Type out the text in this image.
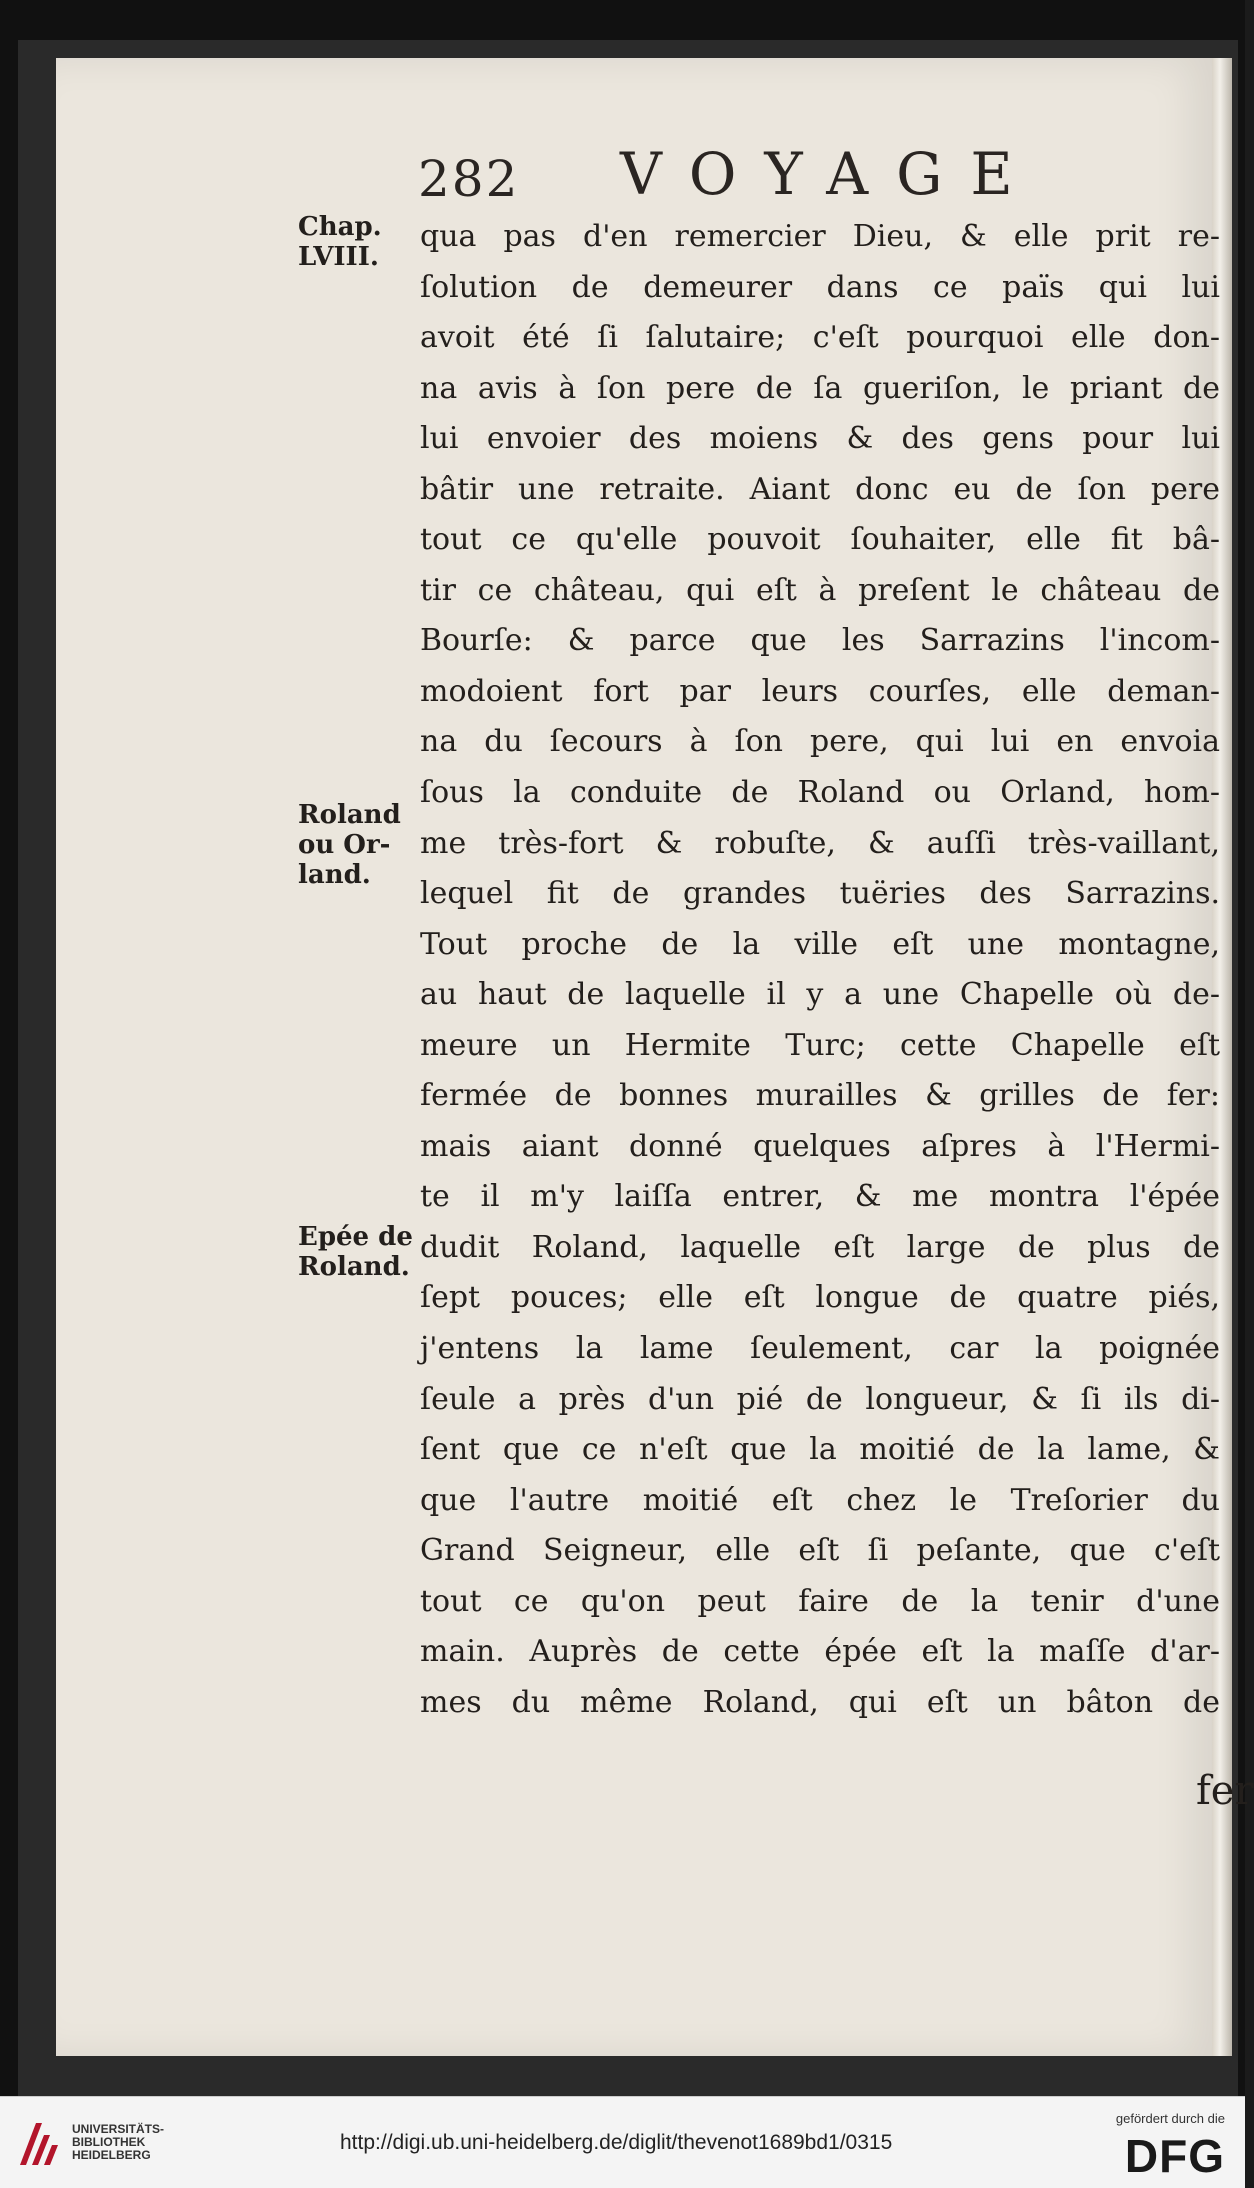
282 VOYAGE
Chap.
LVIII.
Roland
ou Or-
land.
Epée de
Roland.
qua pas d'en remercier Dieu, & elle prit re-
ſolution de demeurer dans ce païs qui lui
avoit été ſi ſalutaire; c'eſt pourquoi elle don-
na avis à ſon pere de ſa gueriſon, le priant de
lui envoier des moiens & des gens pour lui
bâtir une retraite. Aiant donc eu de ſon pere
tout ce qu'elle pouvoit ſouhaiter, elle fit bâ-
tir ce château, qui eſt à preſent le château de
Bourſe: & parce que les Sarrazins l'incom-
modoient fort par leurs courſes, elle deman-
na du ſecours à ſon pere, qui lui en envoia
ſous la conduite de Roland ou Orland, hom-
me très-fort & robuſte, & auſſi très-vaillant,
lequel fit de grandes tuëries des Sarrazins.
Tout proche de la ville eſt une montagne,
au haut de laquelle il y a une Chapelle où de-
meure un Hermite Turc; cette Chapelle eſt
fermée de bonnes murailles & grilles de fer:
mais aiant donné quelques aſpres à l'Hermi-
te il m'y laiſſa entrer, & me montra l'épée
dudit Roland, laquelle eſt large de plus de
ſept pouces; elle eſt longue de quatre piés,
j'entens la lame ſeulement, car la poignée
ſeule a près d'un pié de longueur, & ſi ils di-
ſent que ce n'eſt que la moitié de la lame, &
que l'autre moitié eſt chez le Treſorier du
Grand Seigneur, elle eſt ſi peſante, que c'eſt
tout ce qu'on peut faire de la tenir d'une
main. Auprès de cette épée eſt la maſſe d'ar-
mes du même Roland, qui eſt un bâton de
fer
UNIVERSITÄTS-
BIBLIOTHEK
HEIDELBERG
http://digi.ub.uni-heidelberg.de/diglit/thevenot1689bd1/0315
gefördert durch die
DFG
